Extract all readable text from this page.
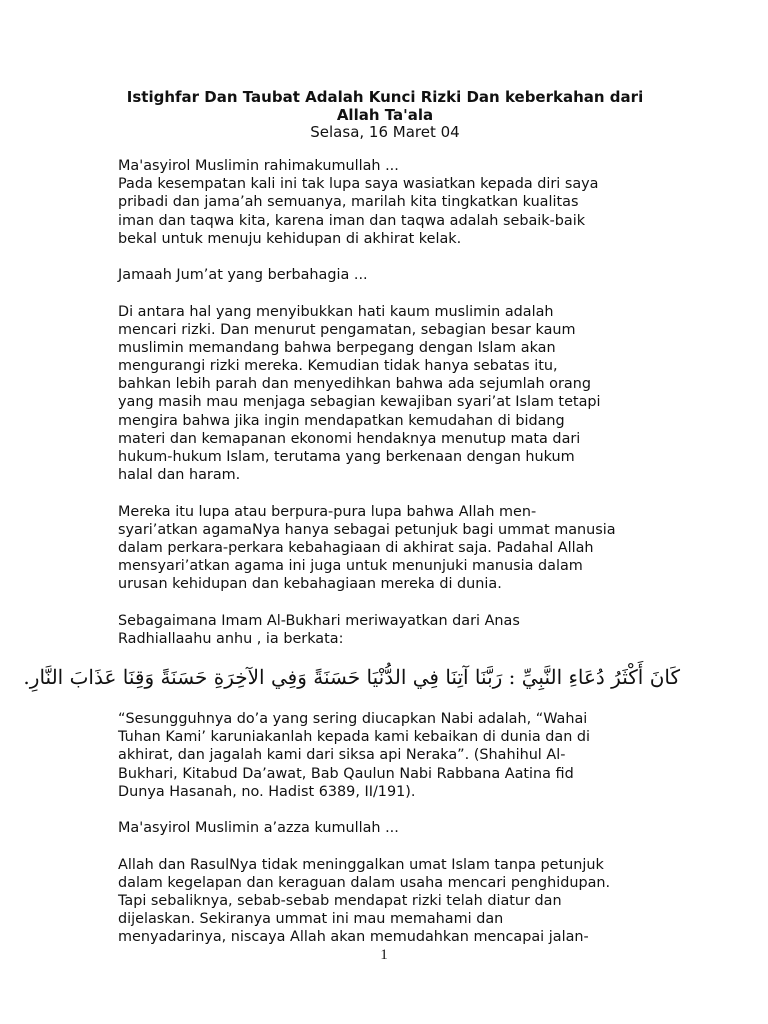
Istighfar Dan Taubat Adalah Kunci Rizki Dan keberkahan dari
Allah Ta'ala
Selasa, 16 Maret 04
Ma'asyirol Muslimin rahimakumullah ...
Pada kesempatan kali ini tak lupa saya wasiatkan kepada diri saya
pribadi dan jama’ah semuanya, marilah kita tingkatkan kualitas
iman dan taqwa kita, karena iman dan taqwa adalah sebaik-baik
bekal untuk menuju kehidupan di akhirat kelak.
Jamaah Jum’at yang berbahagia ...
Di antara hal yang menyibukkan hati kaum muslimin adalah
mencari rizki. Dan menurut pengamatan, sebagian besar kaum
muslimin memandang bahwa berpegang dengan Islam akan
mengurangi rizki mereka. Kemudian tidak hanya sebatas itu,
bahkan lebih parah dan menyedihkan bahwa ada sejumlah orang
yang masih mau menjaga sebagian kewajiban syari’at Islam tetapi
mengira bahwa jika ingin mendapatkan kemudahan di bidang
materi dan kemapanan ekonomi hendaknya menutup mata dari
hukum-hukum Islam, terutama yang berkenaan dengan hukum
halal dan haram.
Mereka itu lupa atau berpura-pura lupa bahwa Allah men-
syari’atkan agamaNya hanya sebagai petunjuk bagi ummat manusia
dalam perkara-perkara kebahagiaan di akhirat saja. Padahal Allah
mensyari’atkan agama ini juga untuk menunjuki manusia dalam
urusan kehidupan dan kebahagiaan mereka di dunia.
Sebagaimana Imam Al-Bukhari meriwayatkan dari Anas
Radhiallaahu anhu , ia berkata:
كَانَ أَكْثَرُ دُعَاءِ النَّبِيِّ : رَبَّنَا آتِنَا فِي الدُّنْيَا حَسَنَةً وَفِي الآخِرَةِ حَسَنَةً وَقِنَا عَذَابَ النَّارِ.
“Sesungguhnya do’a yang sering diucapkan Nabi adalah, “Wahai
Tuhan Kami’ karuniakanlah kepada kami kebaikan di dunia dan di
akhirat, dan jagalah kami dari siksa api Neraka”. (Shahihul Al-
Bukhari, Kitabud Da’awat, Bab Qaulun Nabi Rabbana Aatina fid
Dunya Hasanah, no. Hadist 6389, II/191).
Ma'asyirol Muslimin a’azza kumullah ...
Allah dan RasulNya tidak meninggalkan umat Islam tanpa petunjuk
dalam kegelapan dan keraguan dalam usaha mencari penghidupan.
Tapi sebaliknya, sebab-sebab mendapat rizki telah diatur dan
dijelaskan. Sekiranya ummat ini mau memahami dan
menyadarinya, niscaya Allah akan memudahkan mencapai jalan-
1
